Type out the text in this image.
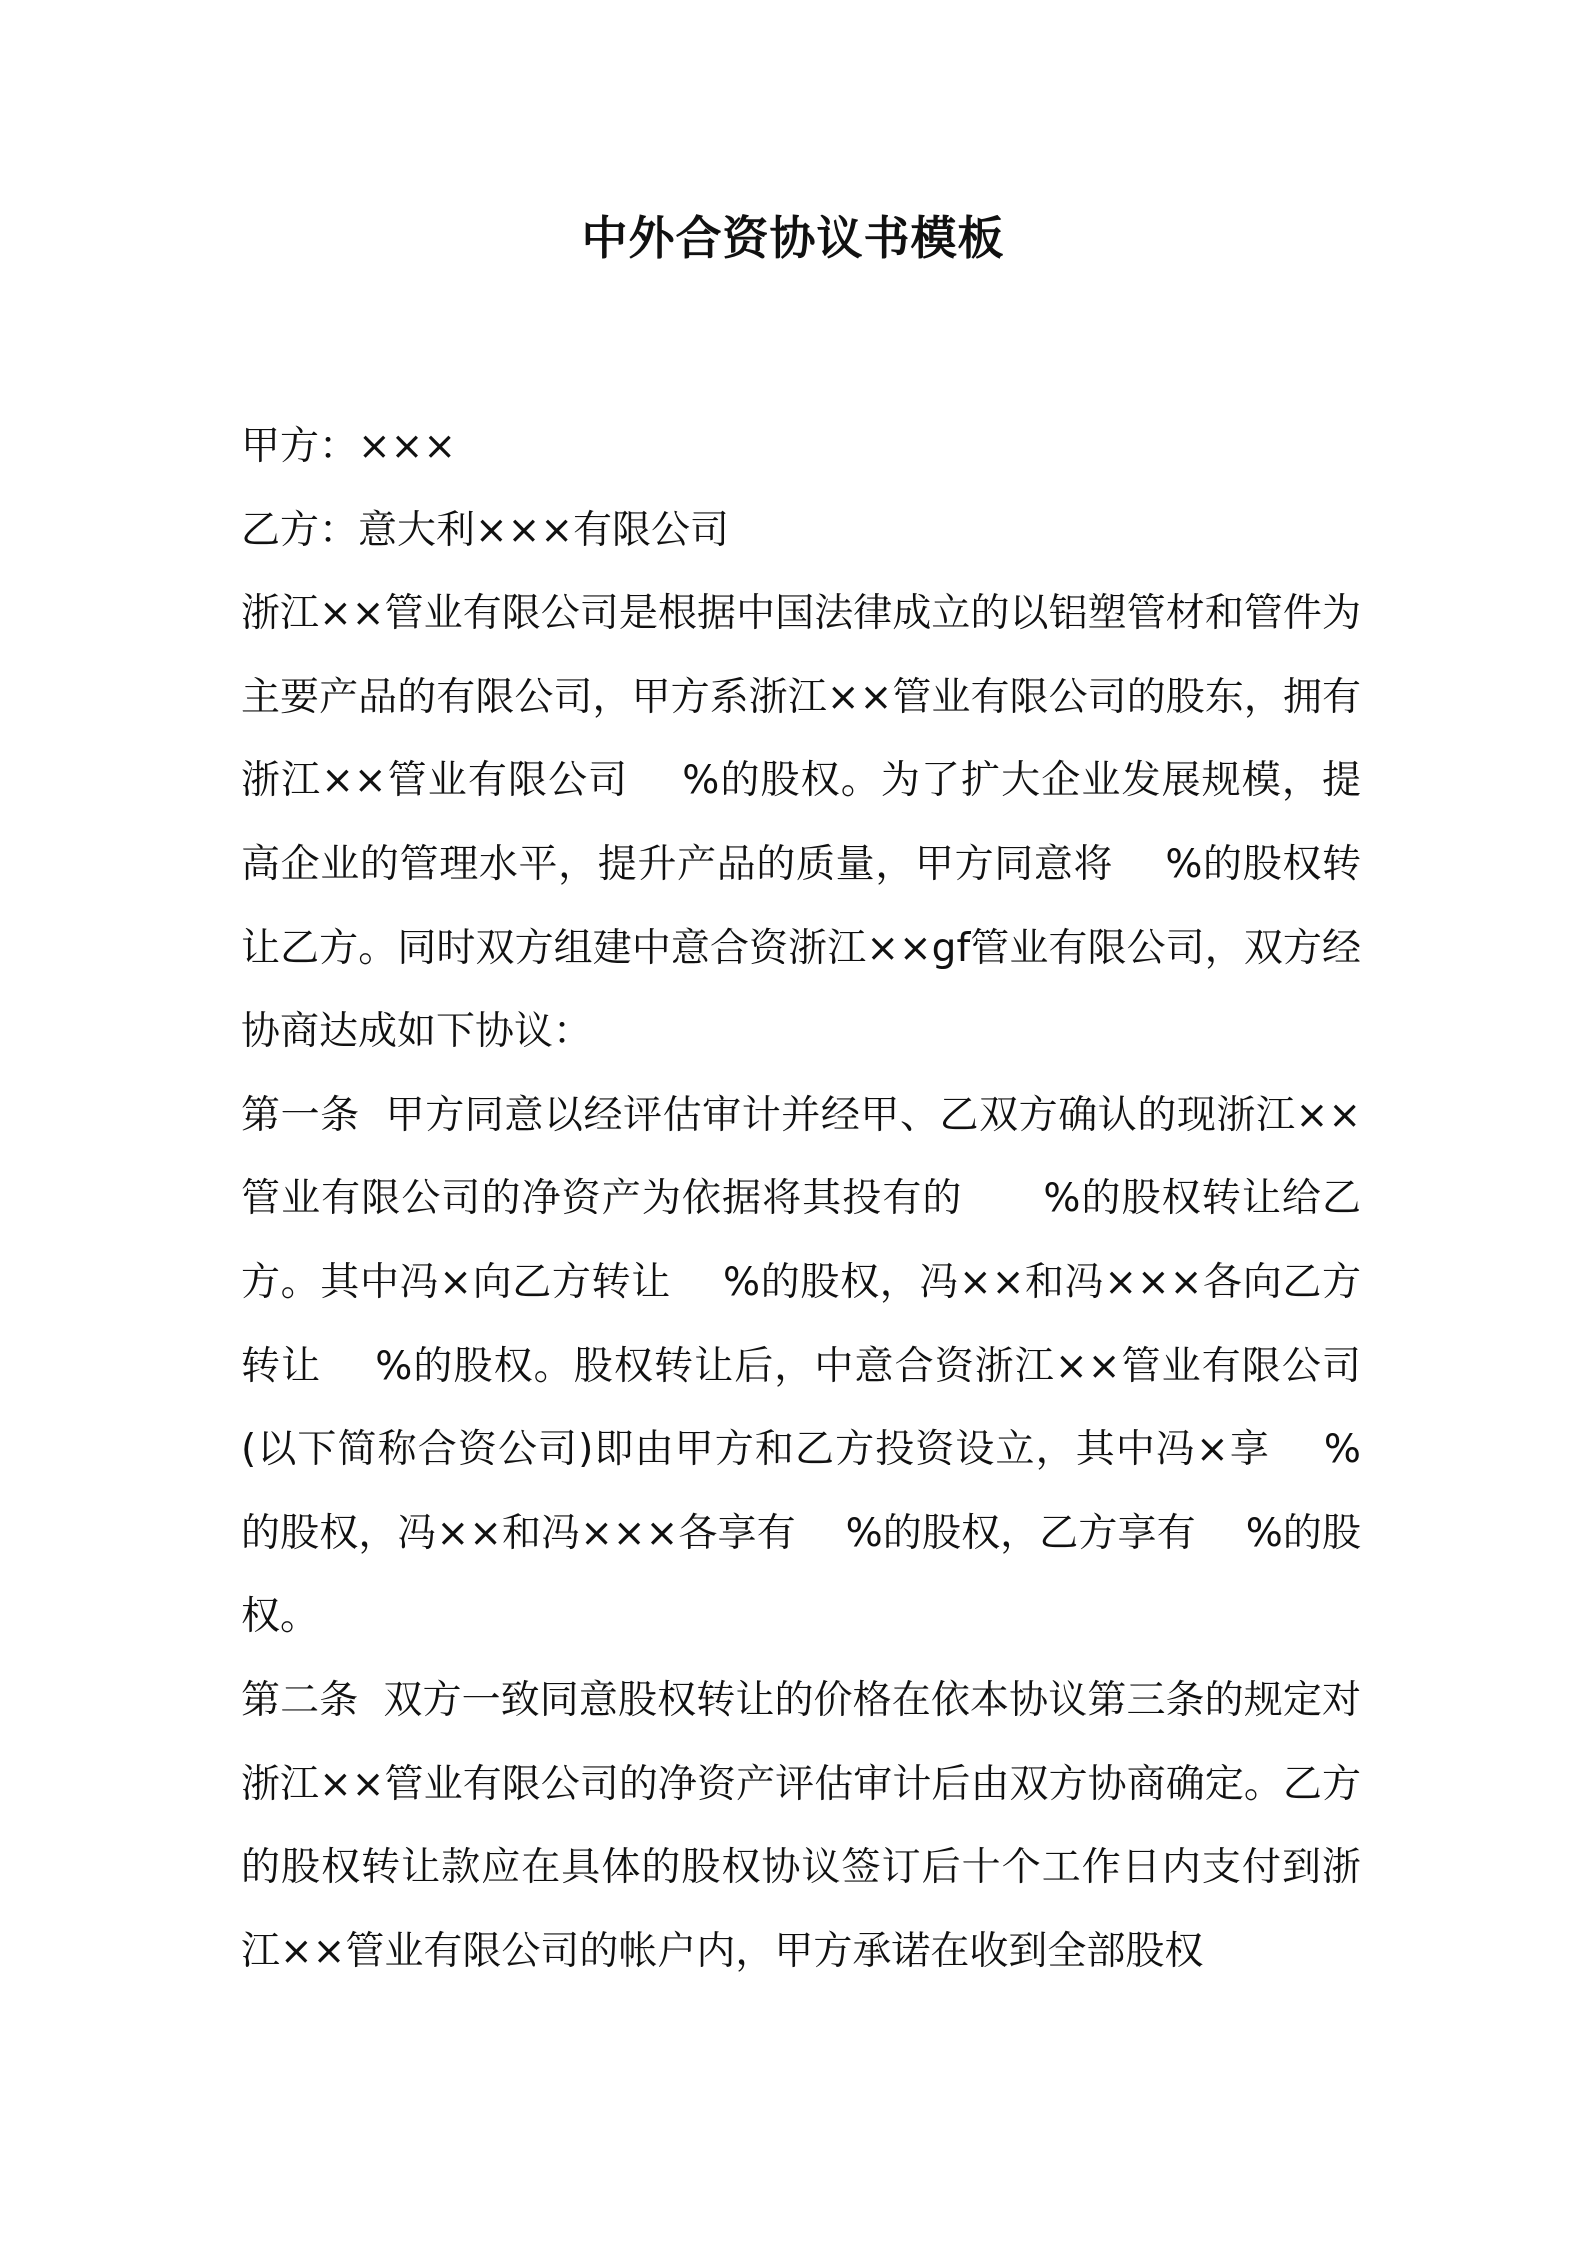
中外合资协议书模板

甲方：×××

乙方：意大利×××有限公司

浙江××管业有限公司是根据中国法律成立的以铝塑管材和管件为主要产品的有限公司，甲方系浙江××管业有限公司的股东，拥有浙江××管业有限公司    %的股权。为了扩大企业发展规模，提高企业的管理水平，提升产品的质量，甲方同意将    %的股权转让乙方。同时双方组建中意合资浙江××gf管业有限公司，双方经协商达成如下协议：

第一条  甲方同意以经评估审计并经甲、乙双方确认的现浙江××管业有限公司的净资产为依据将其投有的      %的股权转让给乙方。其中冯×向乙方转让    %的股权，冯××和冯×××各向乙方转让    %的股权。股权转让后，中意合资浙江××管业有限公司(以下简称合资公司)即由甲方和乙方投资设立，其中冯×享    %的股权，冯××和冯×××各享有    %的股权，乙方享有    %的股权。

第二条  双方一致同意股权转让的价格在依本协议第三条的规定对浙江××管业有限公司的净资产评估审计后由双方协商确定。乙方的股权转让款应在具体的股权协议签订后十个工作日内支付到浙江××管业有限公司的帐户内，甲方承诺在收到全部股权
